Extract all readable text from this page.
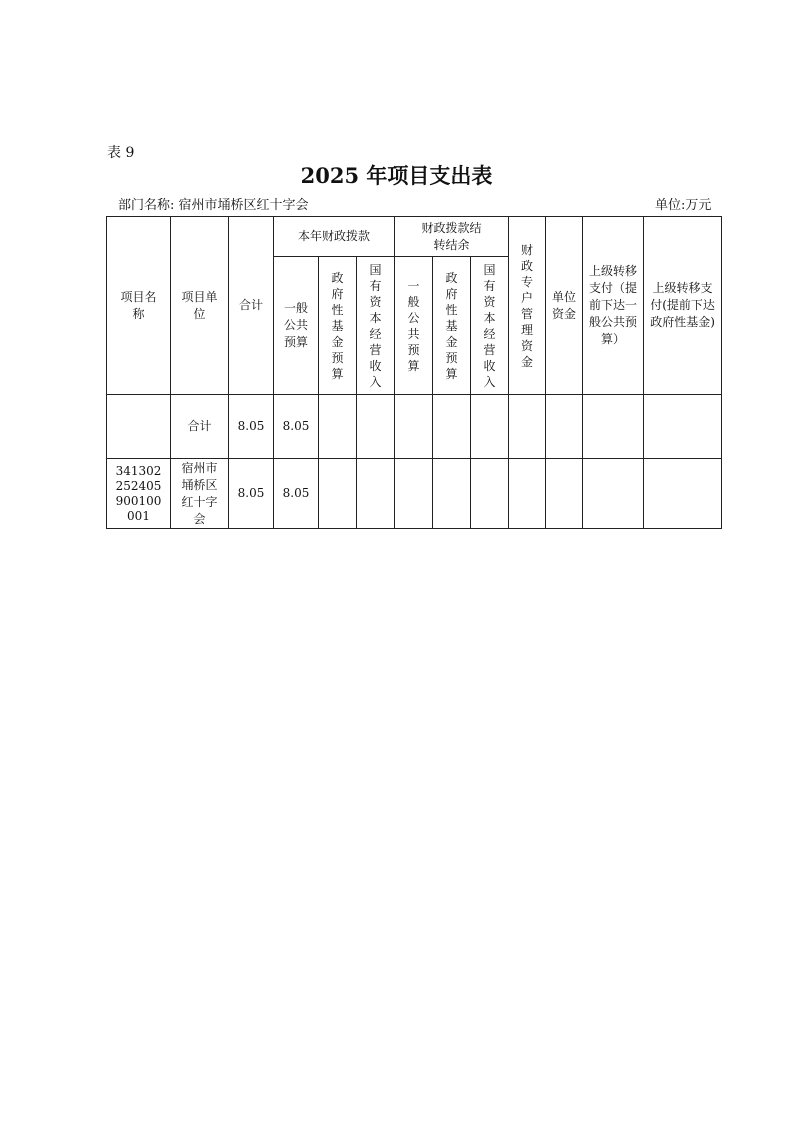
表 9
2025 年项目支出表
部门名称: 宿州市埇桥区红十字会	单位:万元
项目名称	项目单位	合计	本年财政拨款			财政拨款结转结余			财政专户管理资金	单位资金	上级转移支付（提前下达一般公共预算）	上级转移支付(提前下达政府性基金)

			一般公共预算	政府性基金预算	国有资本经营收入	一般公共预算	政府性基金预算	国有资本经营收入				

	合计	8.05	8.05									

341302252405900100001	宿州市埇桥区红十字会	8.05	8.05									
